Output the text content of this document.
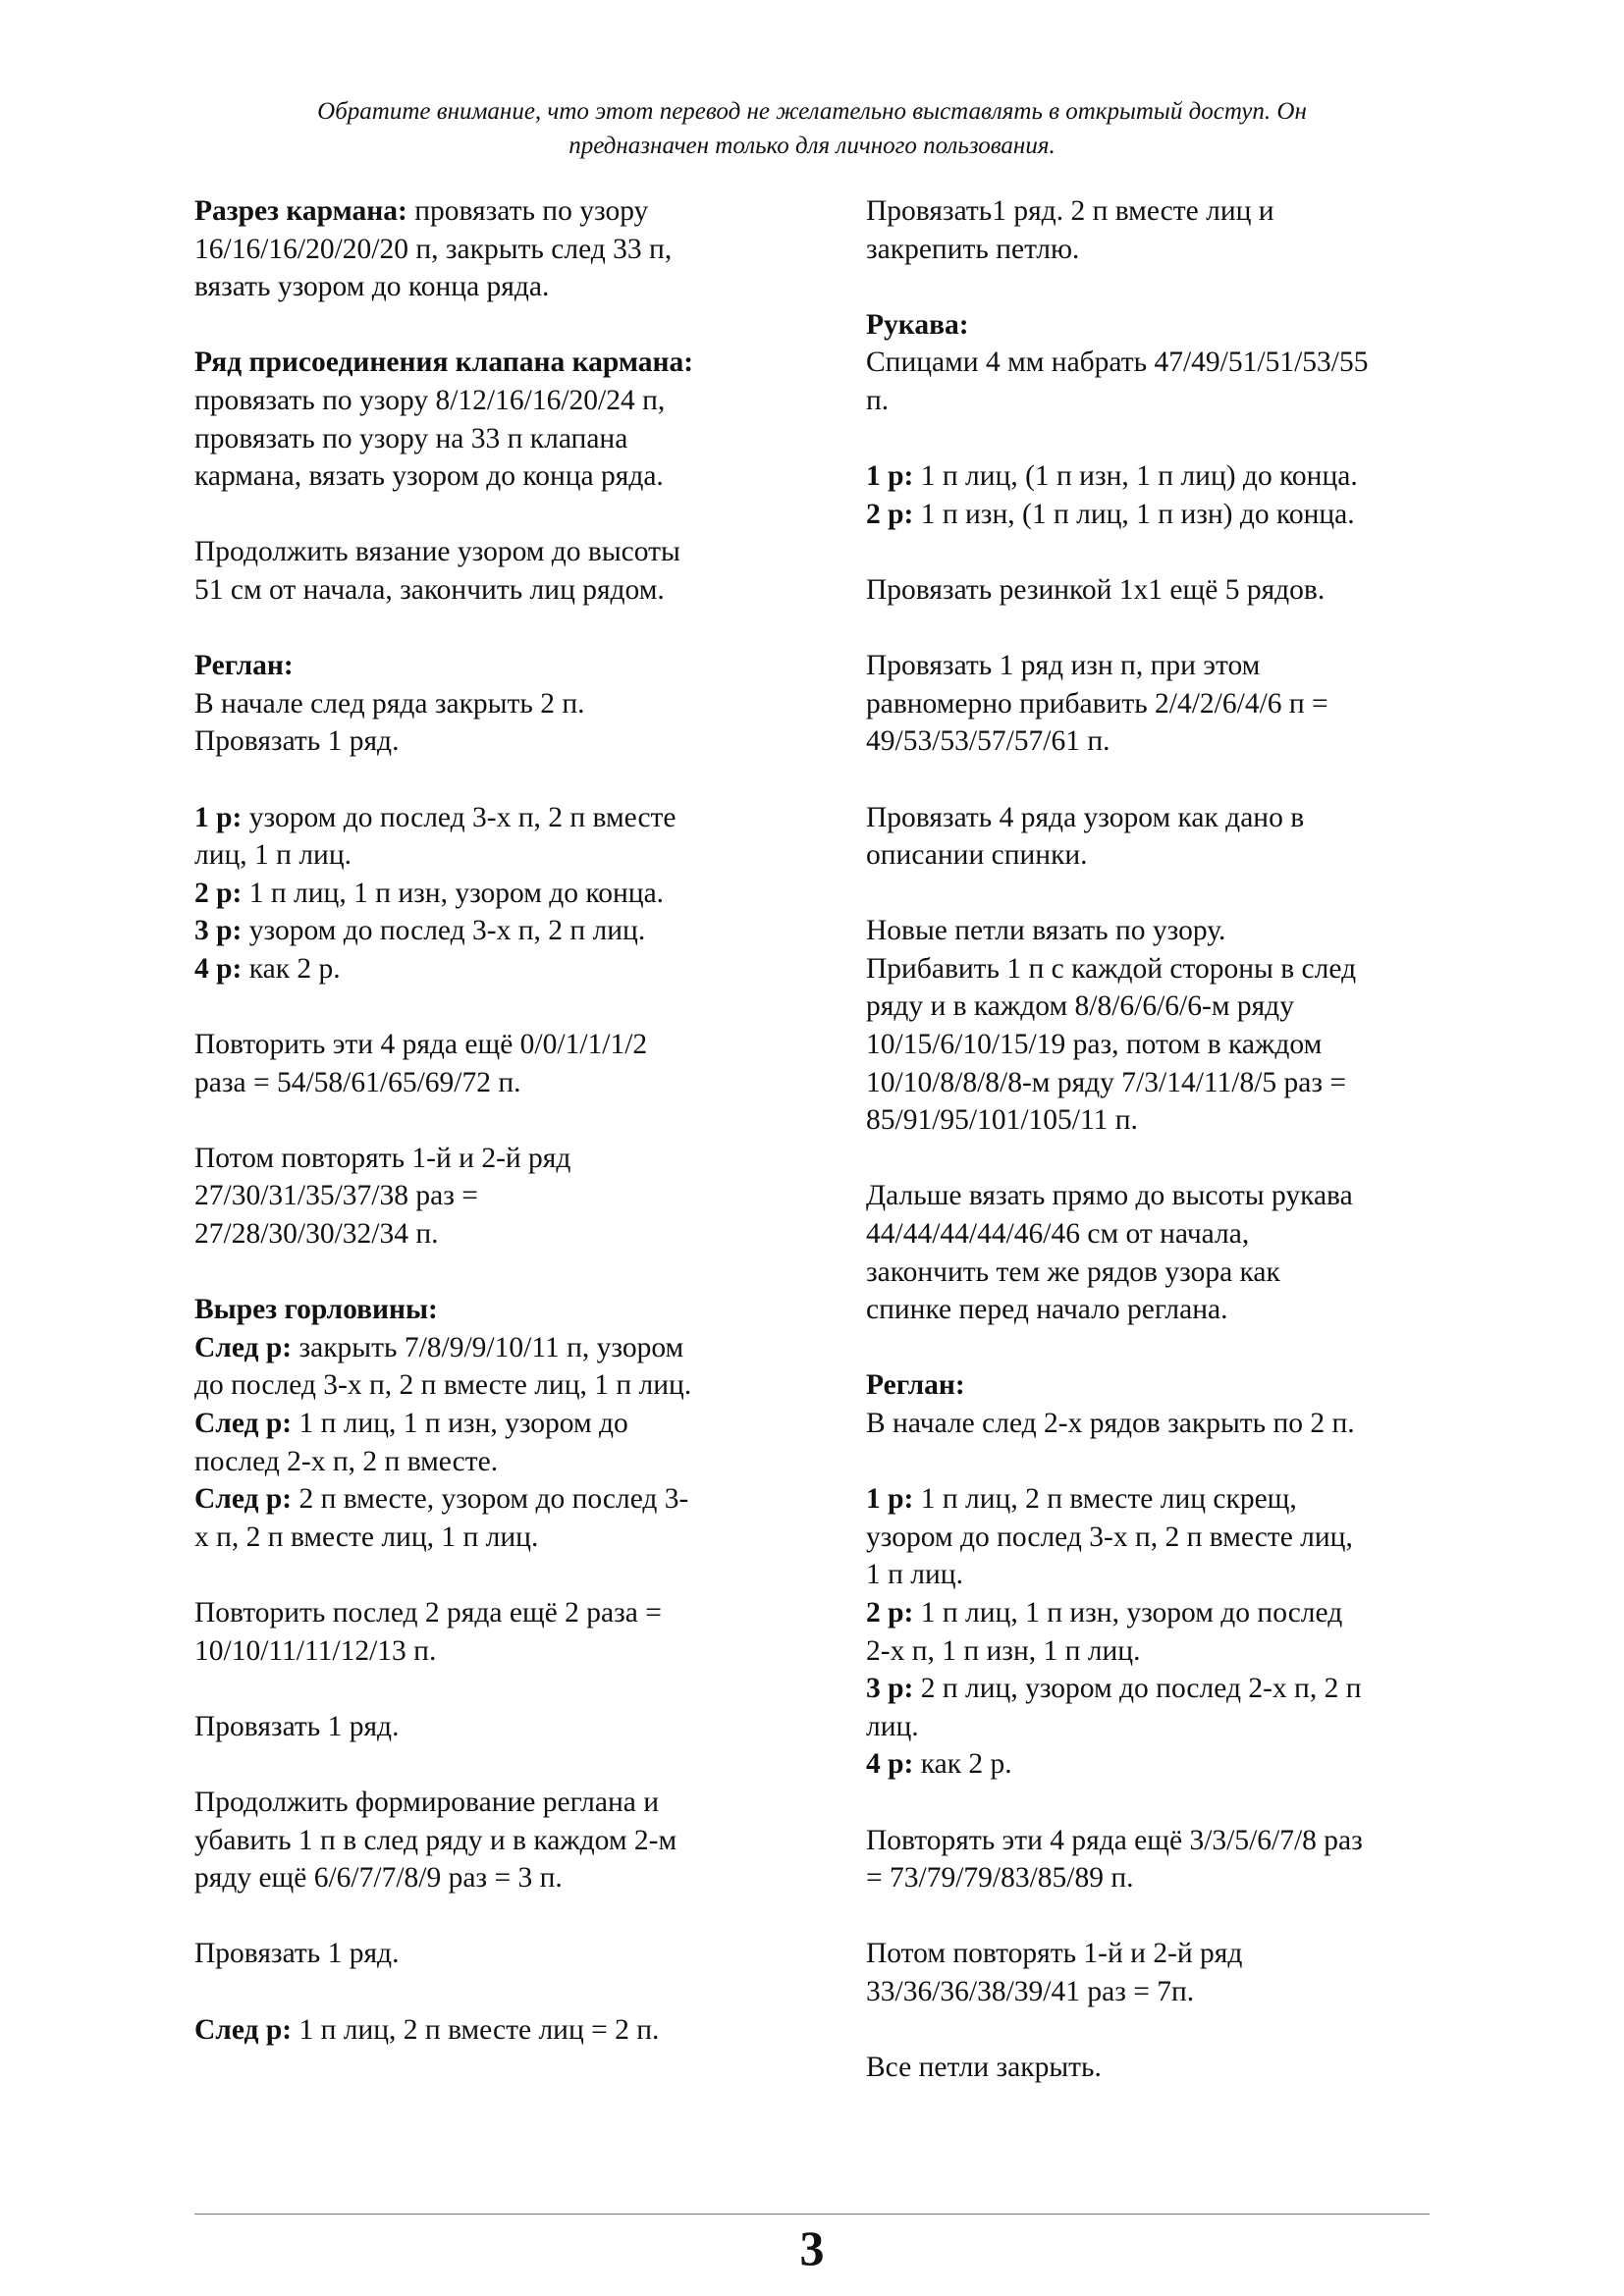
Обратите внимание, что этот перевод не желательно выставлять в открытый доступ. Он
предназначен только для личного пользования.
Разрез кармана: провязать по узору
16/16/16/20/20/20 п, закрыть след 33 п,
вязать узором до конца ряда.
Ряд присоединения клапана кармана:
провязать по узору 8/12/16/16/20/24 п,
провязать по узору на 33 п клапана
кармана, вязать узором до конца ряда.
Продолжить вязание узором до высоты
51 см от начала, закончить лиц рядом.
Реглан:
В начале след ряда закрыть 2 п.
Провязать 1 ряд.
1 р: узором до послед 3-х п, 2 п вместе
лиц, 1 п лиц.
2 р: 1 п лиц, 1 п изн, узором до конца.
3 р: узором до послед 3-х п, 2 п лиц.
4 р: как 2 р.
Повторить эти 4 ряда ещё 0/0/1/1/1/2
раза = 54/58/61/65/69/72 п.
Потом повторять 1-й и 2-й ряд
27/30/31/35/37/38 раз =
27/28/30/30/32/34 п.
Вырез горловины:
След р: закрыть 7/8/9/9/10/11 п, узором
до послед 3-х п, 2 п вместе лиц, 1 п лиц.
След р: 1 п лиц, 1 п изн, узором до
послед 2-х п, 2 п вместе.
След р: 2 п вместе, узором до послед 3-
х п, 2 п вместе лиц, 1 п лиц.
Повторить послед 2 ряда ещё 2 раза =
10/10/11/11/12/13 п.
Провязать 1 ряд.
Продолжить формирование реглана и
убавить 1 п в след ряду и в каждом 2-м
ряду ещё 6/6/7/7/8/9 раз = 3 п.
Провязать 1 ряд.
След р: 1 п лиц, 2 п вместе лиц = 2 п.
Провязать1 ряд. 2 п вместе лиц и
закрепить петлю.
Рукава:
Спицами 4 мм набрать 47/49/51/51/53/55
п.
1 р: 1 п лиц, (1 п изн, 1 п лиц) до конца.
2 р: 1 п изн, (1 п лиц, 1 п изн) до конца.
Провязать резинкой 1х1 ещё 5 рядов.
Провязать 1 ряд изн п, при этом
равномерно прибавить 2/4/2/6/4/6 п =
49/53/53/57/57/61 п.
Провязать 4 ряда узором как дано в
описании спинки.
Новые петли вязать по узору.
Прибавить 1 п с каждой стороны в след
ряду и в каждом 8/8/6/6/6/6-м ряду
10/15/6/10/15/19 раз, потом в каждом
10/10/8/8/8/8-м ряду 7/3/14/11/8/5 раз =
85/91/95/101/105/11 п.
Дальше вязать прямо до высоты рукава
44/44/44/44/46/46 см от начала,
закончить тем же рядов узора как
спинке перед начало реглана.
Реглан:
В начале след 2-х рядов закрыть по 2 п.
1 р: 1 п лиц, 2 п вместе лиц скрещ,
узором до послед 3-х п, 2 п вместе лиц,
1 п лиц.
2 р: 1 п лиц, 1 п изн, узором до послед
2-х п, 1 п изн, 1 п лиц.
3 р: 2 п лиц, узором до послед 2-х п, 2 п
лиц.
4 р: как 2 р.
Повторять эти 4 ряда ещё 3/3/5/6/7/8 раз
= 73/79/79/83/85/89 п.
Потом повторять 1-й и 2-й ряд
33/36/36/38/39/41 раз = 7п.
Все петли закрыть.
3
